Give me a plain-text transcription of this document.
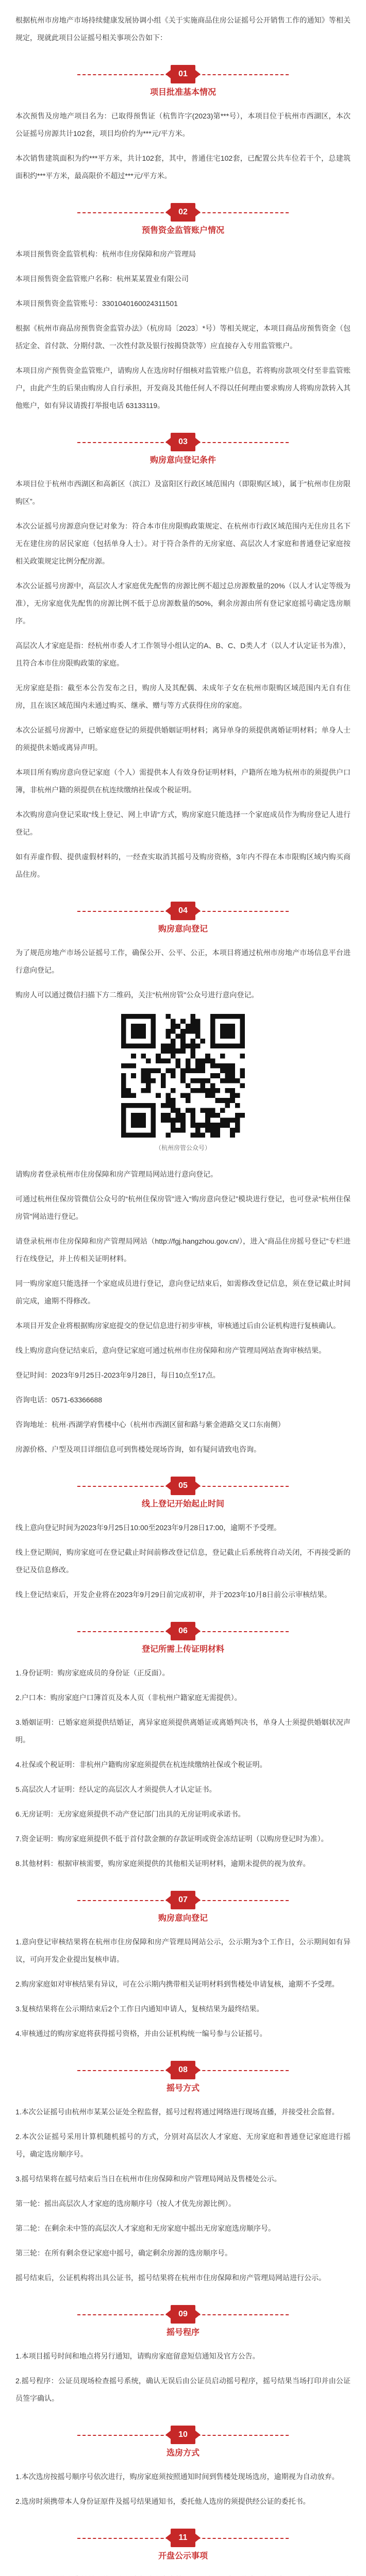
根据杭州市房地产市场持续健康发展协调小组《关于实施商品住房公证摇号公开销售工作的通知》等相关规定，现就此项目公证摇号相关事项公告如下：

01
项目批准基本情况

本次预售及房地产项目名为：已取得预售证（杭售许字(2023)第***号），本项目位于杭州市西湖区，本次公证摇号房源共计102套，项目均价约为***元/平方米。

本次销售建筑面积为约***平方米，共计102套，其中，普通住宅102套，已配置公共车位若干个，总建筑面积约***平方米，最高限价不超过***元/平方米。

02
预售资金监管账户情况

本项目预售资金监管机构：杭州市住房保障和房产管理局

本项目预售资金监管账户名称：杭州某某置业有限公司

本项目预售资金监管账号：3301040160024311501

根据《杭州市商品房预售资金监管办法》（杭房局〔2023〕*号）等相关规定，本项目商品房预售资金（包括定金、首付款、分期付款、一次性付款及银行按揭贷款等）应直接存入专用监管账户。

本项目房产预售资金监管账户，请购房人在选房时仔细核对监管账户信息，若将购房款项交付至非监管账户，由此产生的后果由购房人自行承担，开发商及其他任何人不得以任何理由要求购房人将购房款转入其他账户，如有异议请拨打举报电话 63133119。

03
购房意向登记条件

本项目位于杭州市西湖区和高新区（滨江）及富阳区行政区域范围内（即限购区域），属于“杭州市住房限购区”。

本次公证摇号房源意向登记对象为：符合本市住房限购政策规定、在杭州市行政区域范围内无住房且名下无在建住房的居民家庭（包括单身人士）。对于符合条件的无房家庭、高层次人才家庭和普通登记家庭按相关政策规定比例分配房源。

本次公证摇号房源中，高层次人才家庭优先配售的房源比例不超过总房源数量的20%（以人才认定等级为准），无房家庭优先配售的房源比例不低于总房源数量的50%，剩余房源由所有登记家庭摇号确定选房顺序。

高层次人才家庭是指：经杭州市委人才工作领导小组认定的A、B、C、D类人才（以人才认定证书为准），且符合本市住房限购政策的家庭。

无房家庭是指：截至本公告发布之日，购房人及其配偶、未成年子女在杭州市限购区域范围内无自有住房，且在该区域范围内未通过购买、继承、赠与等方式获得住房的家庭。

本次公证摇号房源中，已婚家庭登记的须提供婚姻证明材料；离异单身的须提供离婚证明材料；单身人士的须提供未婚或离异声明。

本项目所有购房意向登记家庭（个人）需提供本人有效身份证明材料，户籍所在地为杭州市的须提供户口簿，非杭州户籍的须提供在杭连续缴纳社保或个税证明。

本次购房意向登记采取“线上登记、网上申请”方式，购房家庭只能选择一个家庭成员作为购房登记人进行登记。

如有弄虚作假、提供虚假材料的，一经查实取消其摇号及购房资格，3年内不得在本市限购区域内购买商品住房。

04
购房意向登记

为了规范房地产市场公证摇号工作，确保公开、公平、公正，本项目将通过杭州市房地产市场信息平台进行意向登记。

购房人可以通过微信扫描下方二维码，关注“杭州房管”公众号进行意向登记。

（杭州房管公众号）

请购房者登录杭州市住房保障和房产管理局网站进行意向登记。

可通过杭州住保房管微信公众号的“杭州住保房管”进入“购房意向登记”模块进行登记，也可登录“杭州住保房管”网站进行登记。

请登录杭州市住房保障和房产管理局网站（http://fgj.hangzhou.gov.cn/），进入“商品住房摇号登记”专栏进行在线登记，并上传相关证明材料。

同一购房家庭只能选择一个家庭成员进行登记，意向登记结束后，如需修改登记信息，须在登记截止时间前完成，逾期不得修改。

本项目开发企业将根据购房家庭提交的登记信息进行初步审核，审核通过后由公证机构进行复核确认。

线上购房意向登记结束后，意向登记家庭可通过杭州市住房保障和房产管理局网站查询审核结果。

登记时间：2023年9月25日-2023年9月28日，每日10点至17点。

咨询电话：0571-63366688

咨询地址：杭州·西湖学府售楼中心（杭州市西湖区留和路与紫金港路交叉口东南侧）

房源价格、户型及项目详细信息可到售楼处现场咨询，如有疑问请致电咨询。

05
线上登记开始起止时间

线上意向登记时间为2023年9月25日10:00至2023年9月28日17:00，逾期不予受理。

线上登记期间，购房家庭可在登记截止时间前修改登记信息，登记截止后系统将自动关闭，不再接受新的登记及信息修改。

线上登记结束后，开发企业将在2023年9月29日前完成初审，并于2023年10月8日前公示审核结果。

06
登记所需上传证明材料

1.身份证明：购房家庭成员的身份证（正反面）。

2.户口本：购房家庭户口簿首页及本人页（非杭州户籍家庭无需提供）。

3.婚姻证明：已婚家庭须提供结婚证，离异家庭须提供离婚证或离婚判决书，单身人士须提供婚姻状况声明。

4.社保或个税证明：非杭州户籍购房家庭须提供在杭连续缴纳社保或个税证明。

5.高层次人才证明：经认定的高层次人才须提供人才认定证书。

6.无房证明：无房家庭须提供不动产登记部门出具的无房证明或承诺书。

7.资金证明：购房家庭须提供不低于首付款金额的存款证明或资金冻结证明（以购房登记时为准）。

8.其他材料：根据审核需要，购房家庭须提供的其他相关证明材料，逾期未提供的视为放弃。

07
购房意向登记

1.意向登记审核结果将在杭州市住房保障和房产管理局网站公示，公示期为3个工作日，公示期间如有异议，可向开发企业提出复核申请。

2.购房家庭如对审核结果有异议，可在公示期内携带相关证明材料到售楼处申请复核，逾期不予受理。

3.复核结果将在公示期结束后2个工作日内通知申请人，复核结果为最终结果。

4.审核通过的购房家庭将获得摇号资格，并由公证机构统一编号参与公证摇号。

08
摇号方式

1.本次公证摇号由杭州市某某公证处全程监督，摇号过程将通过网络进行现场直播，并接受社会监督。

2.本次公证摇号采用计算机随机摇号的方式，分别对高层次人才家庭、无房家庭和普通登记家庭进行摇号，确定选房顺序号。

3.摇号结果将在摇号结束后当日在杭州市住房保障和房产管理局网站及售楼处公示。

第一轮：摇出高层次人才家庭的选房顺序号（按人才优先房源比例）。

第二轮：在剩余未中签的高层次人才家庭和无房家庭中摇出无房家庭选房顺序号。

第三轮：在所有剩余登记家庭中摇号，确定剩余房源的选房顺序号。

摇号结束后，公证机构将出具公证书，摇号结果将在杭州市住房保障和房产管理局网站进行公示。

09
摇号程序

1.本项目摇号时间和地点将另行通知，请购房家庭留意短信通知及官方公告。

2.摇号程序：公证员现场检查摇号系统，确认无误后由公证员启动摇号程序，摇号结果当场打印并由公证员签字确认。

10
选房方式

1.本次选房按摇号顺序号依次进行，购房家庭须按照通知时间到售楼处现场选房，逾期视为自动放弃。

2.选房时须携带本人身份证原件及摇号结果通知书，委托他人选房的须提供经公证的委托书。

11
开盘公示事项
